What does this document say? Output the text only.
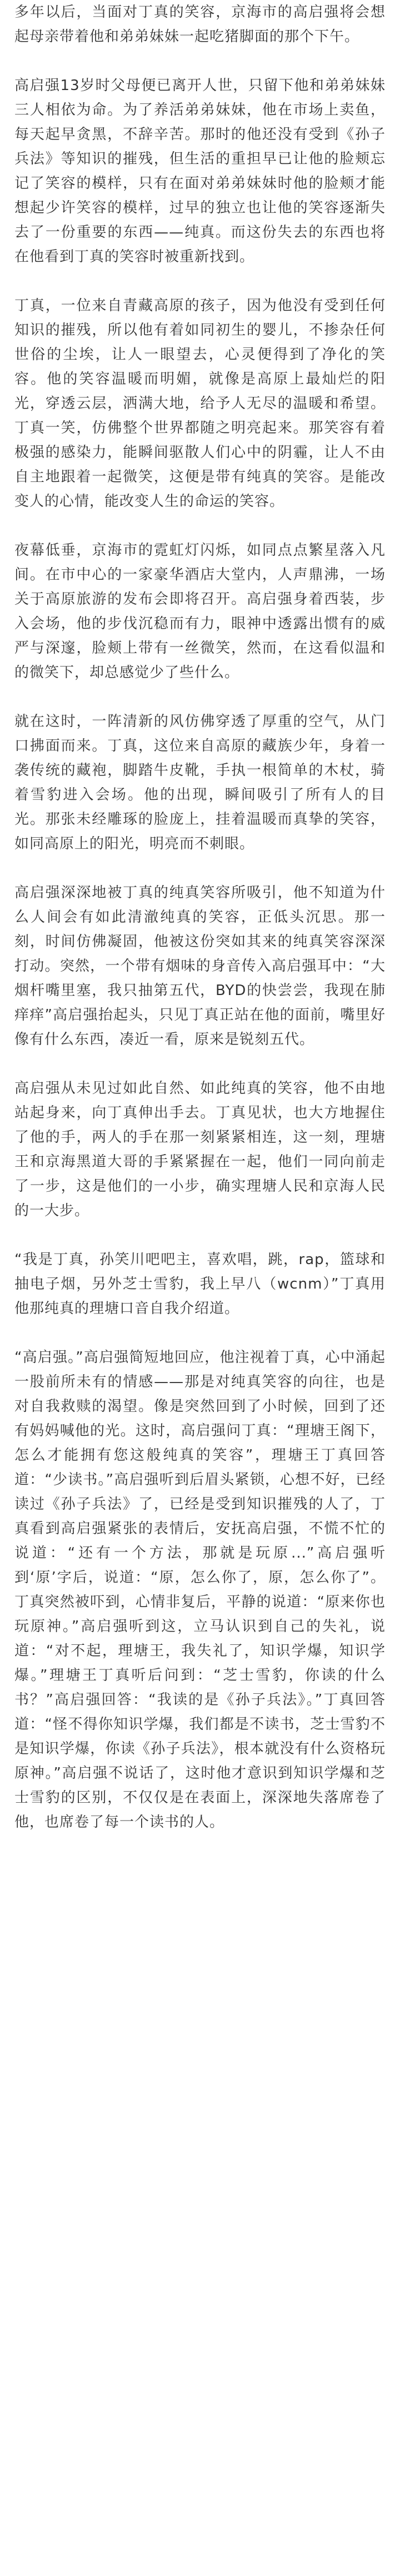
多年以后，当面对丁真的笑容，京海市的高启强将会想起母亲带着他和弟弟妹妹一起吃猪脚面的那个下午。

高启强13岁时父母便已离开人世，只留下他和弟弟妹妹三人相依为命。为了养活弟弟妹妹，他在市场上卖鱼，每天起早贪黑，不辞辛苦。那时的他还没有受到《孙子兵法》等知识的摧残，但生活的重担早已让他的脸颊忘记了笑容的模样，只有在面对弟弟妹妹时他的脸颊才能想起少许笑容的模样，过早的独立也让他的笑容逐渐失去了一份重要的东西——纯真。而这份失去的东西也将在他看到丁真的笑容时被重新找到。

丁真，一位来自青藏高原的孩子，因为他没有受到任何知识的摧残，所以他有着如同初生的婴儿，不掺杂任何世俗的尘埃，让人一眼望去，心灵便得到了净化的笑容。他的笑容温暖而明媚，就像是高原上最灿烂的阳光，穿透云层，洒满大地，给予人无尽的温暖和希望。丁真一笑，仿佛整个世界都随之明亮起来。那笑容有着极强的感染力，能瞬间驱散人们心中的阴霾，让人不由自主地跟着一起微笑，这便是带有纯真的笑容。是能改变人的心情，能改变人生的命运的笑容。

夜幕低垂，京海市的霓虹灯闪烁，如同点点繁星落入凡间。在市中心的一家豪华酒店大堂内，人声鼎沸，一场关于高原旅游的发布会即将召开。高启强身着西装，步入会场，他的步伐沉稳而有力，眼神中透露出惯有的威严与深邃，脸颊上带有一丝微笑，然而，在这看似温和的微笑下，却总感觉少了些什么。

就在这时，一阵清新的风仿佛穿透了厚重的空气，从门口拂面而来。丁真，这位来自高原的藏族少年，身着一袭传统的藏袍，脚踏牛皮靴，手执一根简单的木杖，骑着雪豹进入会场。他的出现，瞬间吸引了所有人的目光。那张未经雕琢的脸庞上，挂着温暖而真挚的笑容，如同高原上的阳光，明亮而不刺眼。

高启强深深地被丁真的纯真笑容所吸引，他不知道为什么人间会有如此清澈纯真的笑容，正低头沉思。那一刻，时间仿佛凝固，他被这份突如其来的纯真笑容深深打动。突然，一个带有烟味的身音传入高启强耳中：“大烟杆嘴里塞，我只抽第五代，BYD的快尝尝，我现在肺痒痒”高启强抬起头，只见丁真正站在他的面前，嘴里好像有什么东西，凑近一看，原来是锐刻五代。

高启强从未见过如此自然、如此纯真的笑容，他不由地站起身来，向丁真伸出手去。丁真见状，也大方地握住了他的手，两人的手在那一刻紧紧相连，这一刻，理塘王和京海黑道大哥的手紧紧握在一起，他们一同向前走了一步，这是他们的一小步，确实理塘人民和京海人民的一大步。

“我是丁真，孙笑川吧吧主，喜欢唱，跳，rap，篮球和抽电子烟，另外芝士雪豹，我上早八（wcnm）”丁真用他那纯真的理塘口音自我介绍道。

“高启强。”高启强简短地回应，他注视着丁真，心中涌起一股前所未有的情感——那是对纯真笑容的向往，也是对自我救赎的渴望。像是突然回到了小时候，回到了还有妈妈喊他的光。这时，高启强问丁真：“理塘王阁下，怎么才能拥有您这般纯真的笑容”，理塘王丁真回答道：“少读书。”高启强听到后眉头紧锁，心想不好，已经读过《孙子兵法》了，已经是受到知识摧残的人了，丁真看到高启强紧张的表情后，安抚高启强，不慌不忙的说道：“还有一个方法，那就是玩原...”高启强听到‘原’字后，说道：“原，怎么你了，原，怎么你了”。丁真突然被吓到，心情非复后，平静的说道：“原来你也玩原神。”高启强听到这，立马认识到自己的失礼，说道：“对不起，理塘王，我失礼了，知识学爆，知识学爆。”理塘王丁真听后问到：“芝士雪豹，你读的什么书？”高启强回答：“我读的是《孙子兵法》。”丁真回答道：“怪不得你知识学爆，我们都是不读书，芝士雪豹不是知识学爆，你读《孙子兵法》，根本就没有什么资格玩原神。”高启强不说话了，这时他才意识到知识学爆和芝士雪豹的区别，不仅仅是在表面上，深深地失落席卷了他，也席卷了每一个读书的人。
